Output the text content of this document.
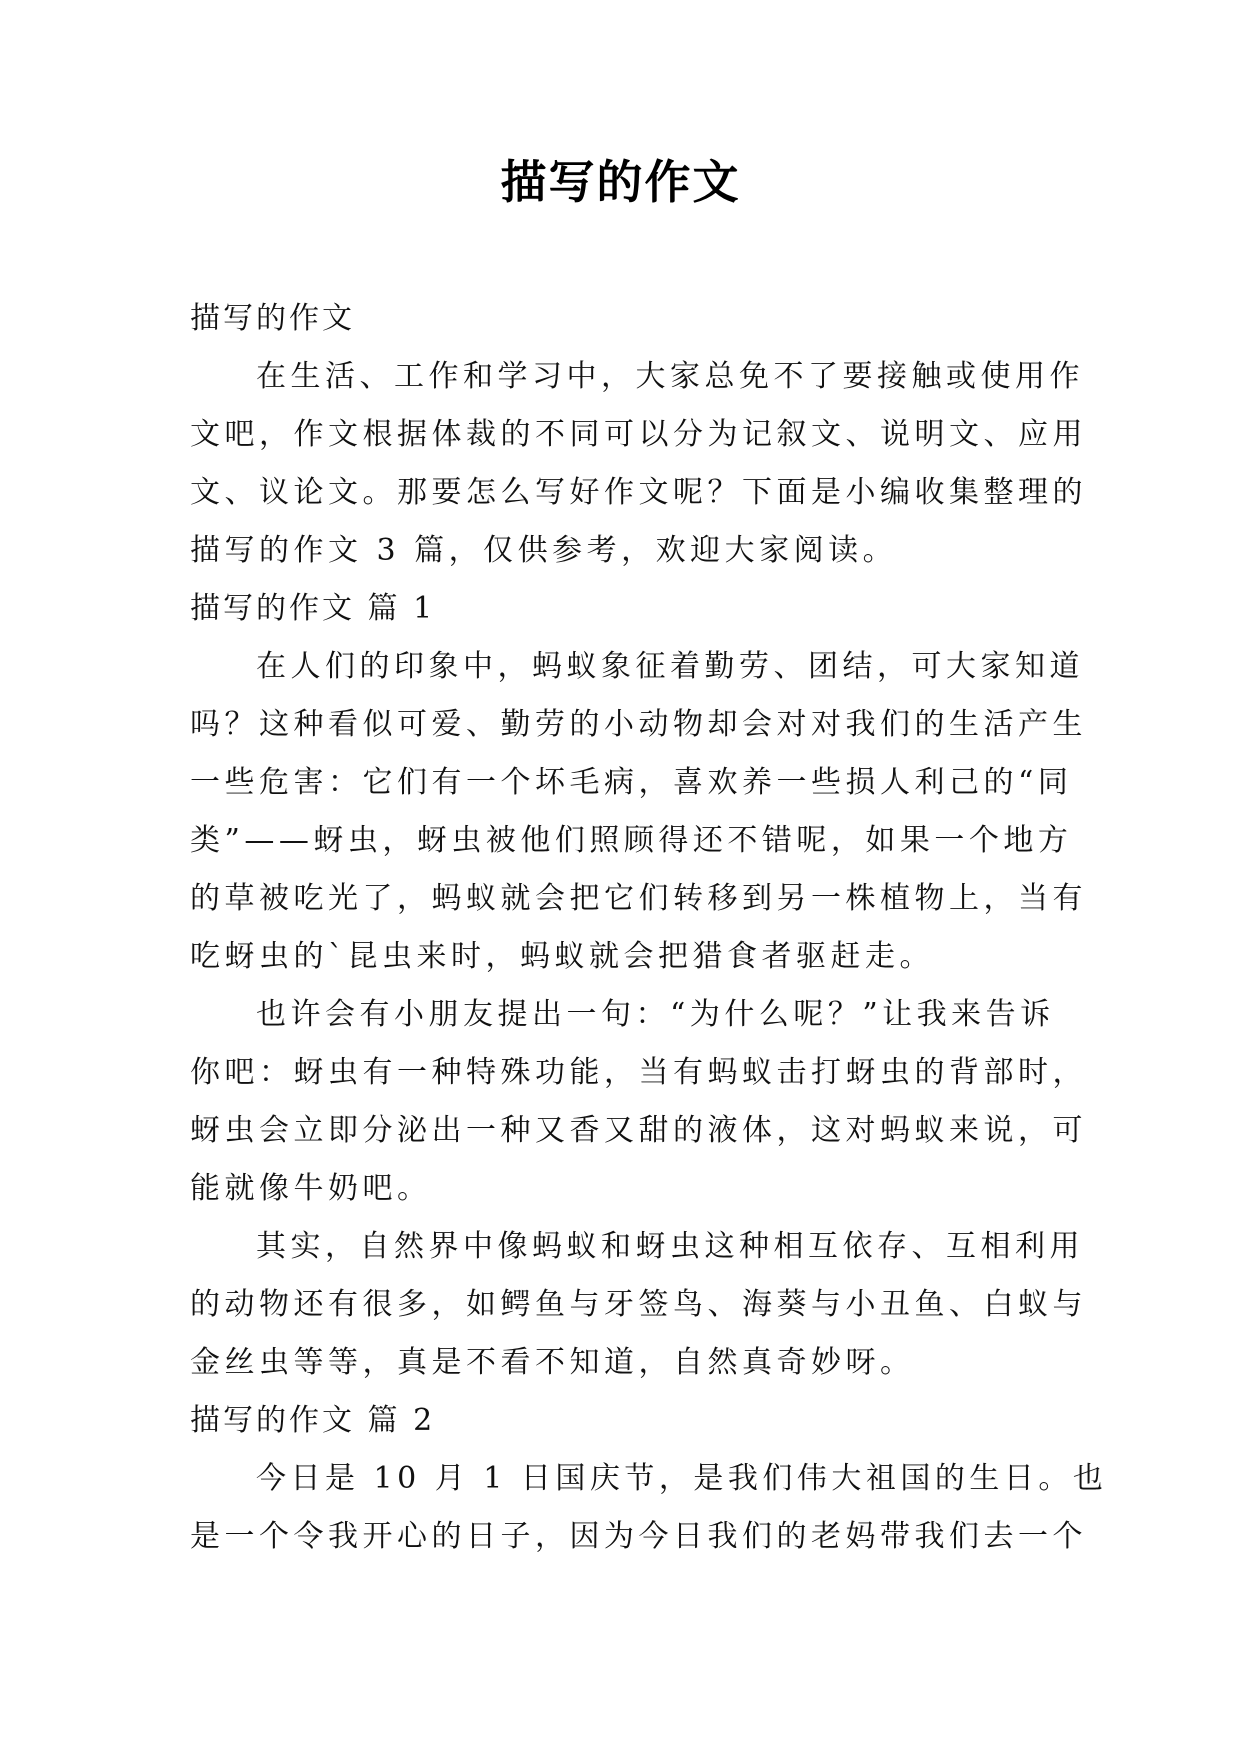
描写的作文
描写的作文
在生活、工作和学习中，大家总免不了要接触或使用作
文吧，作文根据体裁的不同可以分为记叙文、说明文、应用
文、议论文。那要怎么写好作文呢？下面是小编收集整理的
描写的作文 3 篇，仅供参考，欢迎大家阅读。
描写的作文 篇 1
在人们的印象中，蚂蚁象征着勤劳、团结，可大家知道
吗？这种看似可爱、勤劳的小动物却会对对我们的生活产生
一些危害：它们有一个坏毛病，喜欢养一些损人利己的“同
类”——蚜虫，蚜虫被他们照顾得还不错呢，如果一个地方
的草被吃光了，蚂蚁就会把它们转移到另一株植物上，当有
吃蚜虫的`昆虫来时，蚂蚁就会把猎食者驱赶走。
也许会有小朋友提出一句：“为什么呢？”让我来告诉
你吧：蚜虫有一种特殊功能，当有蚂蚁击打蚜虫的背部时，
蚜虫会立即分泌出一种又香又甜的液体，这对蚂蚁来说，可
能就像牛奶吧。
其实，自然界中像蚂蚁和蚜虫这种相互依存、互相利用
的动物还有很多，如鳄鱼与牙签鸟、海葵与小丑鱼、白蚁与
金丝虫等等，真是不看不知道，自然真奇妙呀。
描写的作文 篇 2
今日是 10 月 1 日国庆节，是我们伟大祖国的生日。也
是一个令我开心的日子，因为今日我们的老妈带我们去一个
